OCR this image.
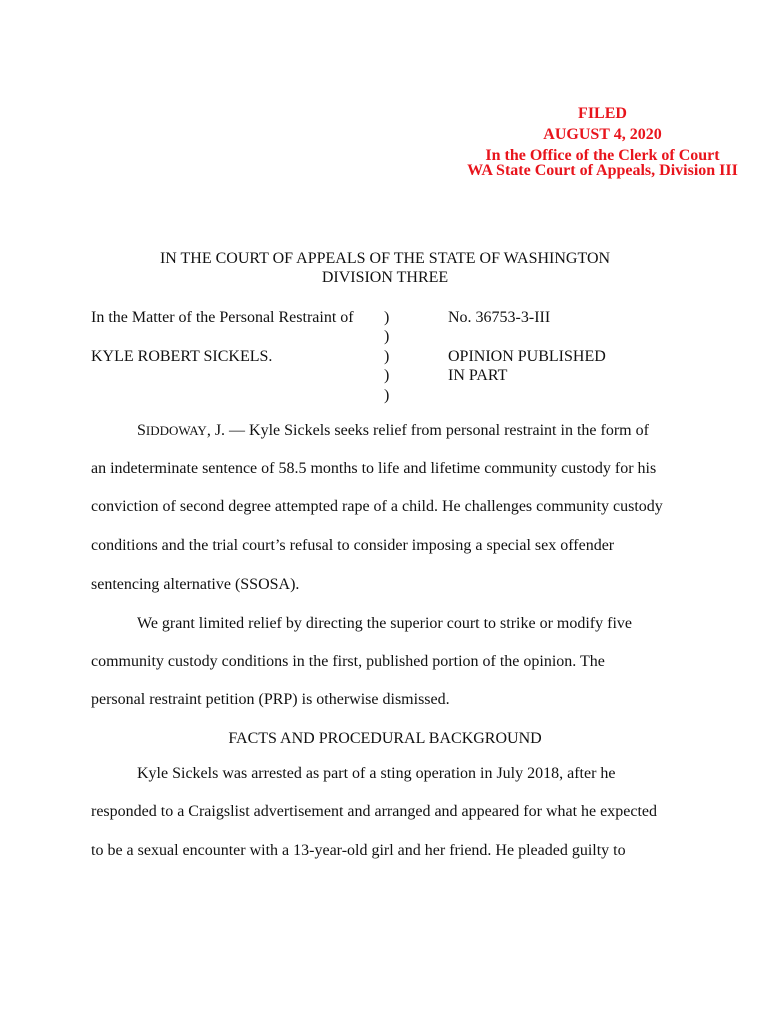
FILED
AUGUST 4, 2020
In the Office of the Clerk of Court
WA State Court of Appeals, Division III
IN THE COURT OF APPEALS OF THE STATE OF WASHINGTON
DIVISION THREE
In the Matter of the Personal Restraint of
KYLE ROBERT SICKELS.
)
)
)
)
)
No. 36753-3-III
OPINION PUBLISHED
IN PART
SIDDOWAY, J. — Kyle Sickels seeks relief from personal restraint in the form of
an indeterminate sentence of 58.5 months to life and lifetime community custody for his
conviction of second degree attempted rape of a child. He challenges community custody
conditions and the trial court’s refusal to consider imposing a special sex offender
sentencing alternative (SSOSA).
We grant limited relief by directing the superior court to strike or modify five
community custody conditions in the first, published portion of the opinion. The
personal restraint petition (PRP) is otherwise dismissed.
FACTS AND PROCEDURAL BACKGROUND
Kyle Sickels was arrested as part of a sting operation in July 2018, after he
responded to a Craigslist advertisement and arranged and appeared for what he expected
to be a sexual encounter with a 13-year-old girl and her friend. He pleaded guilty to
